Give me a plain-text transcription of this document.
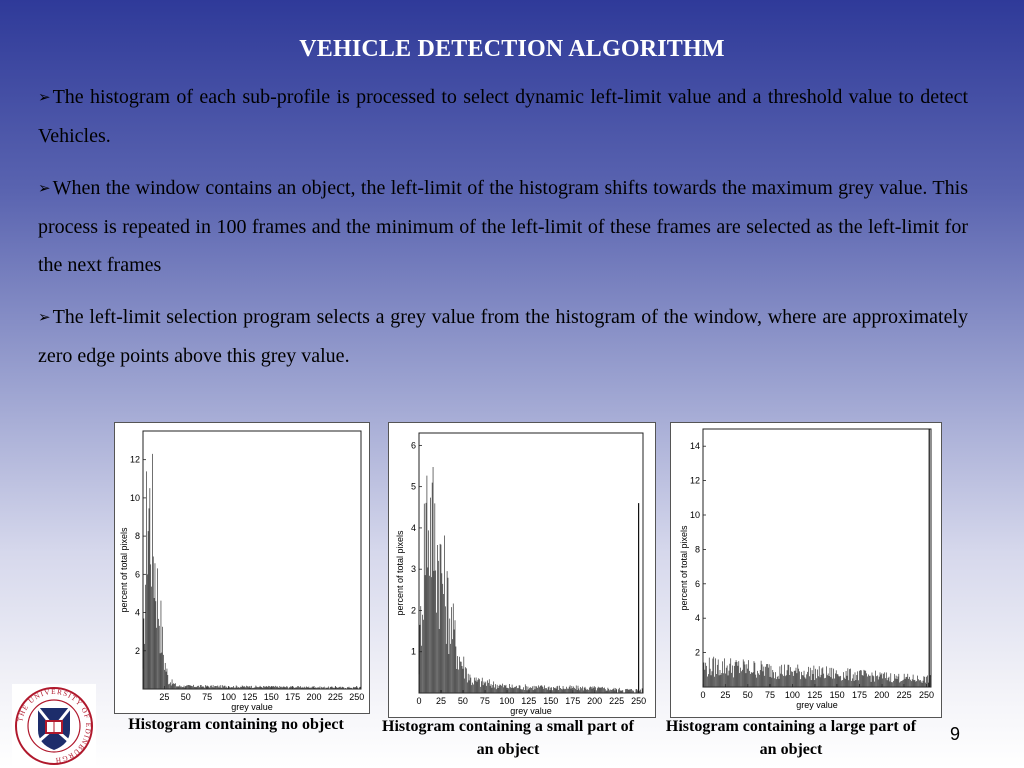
VEHICLE DETECTION ALGORITHM

➢ The histogram of each sub-profile is processed to select dynamic left-limit value and a threshold value to detect Vehicles.

➢ When the window contains an object, the left-limit of the histogram shifts towards the maximum grey value. This process is repeated in 100 frames and the minimum of the left-limit of these frames are selected as the left-limit for the next frames

➢ The left-limit selection program selects a grey value from the histogram of the window, where are approximately zero edge points above this grey value.

25 50 75 100 125 150 175 200 225 250
2
4
6
8
10
12
grey value
percent of total pixels
0 25 50 75 100 125 150 175 200 225 250
1
2
3
4
5
6
grey value
percent of total pixels
0 25 50 75 100 125 150 175 200 225 250
2
4
6
8
10
12
14
grey value
percent of total pixels
Histogram containing no object	Histogram containing a small part of an object
Histogram containing a large part of an object
9
THE UNIVERSITY OF EDINBURGH
